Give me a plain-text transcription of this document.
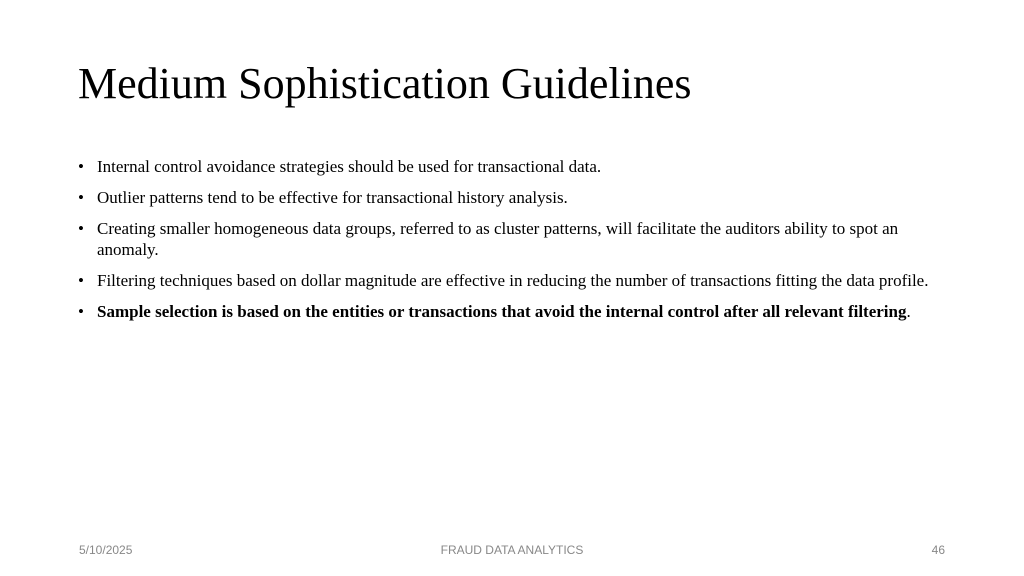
Medium Sophistication Guidelines
• Internal control avoidance strategies should be used for transactional data.
• Outlier patterns tend to be effective for transactional history analysis.
• Creating smaller homogeneous data groups, referred to as cluster patterns, will facilitate the auditors ability to spot an anomaly.
• Filtering techniques based on dollar magnitude are effective in reducing the number of transactions fitting the data profile.
• Sample selection is based on the entities or transactions that avoid the internal control after all relevant filtering.
5/10/2025	FRAUD DATA ANALYTICS	46
